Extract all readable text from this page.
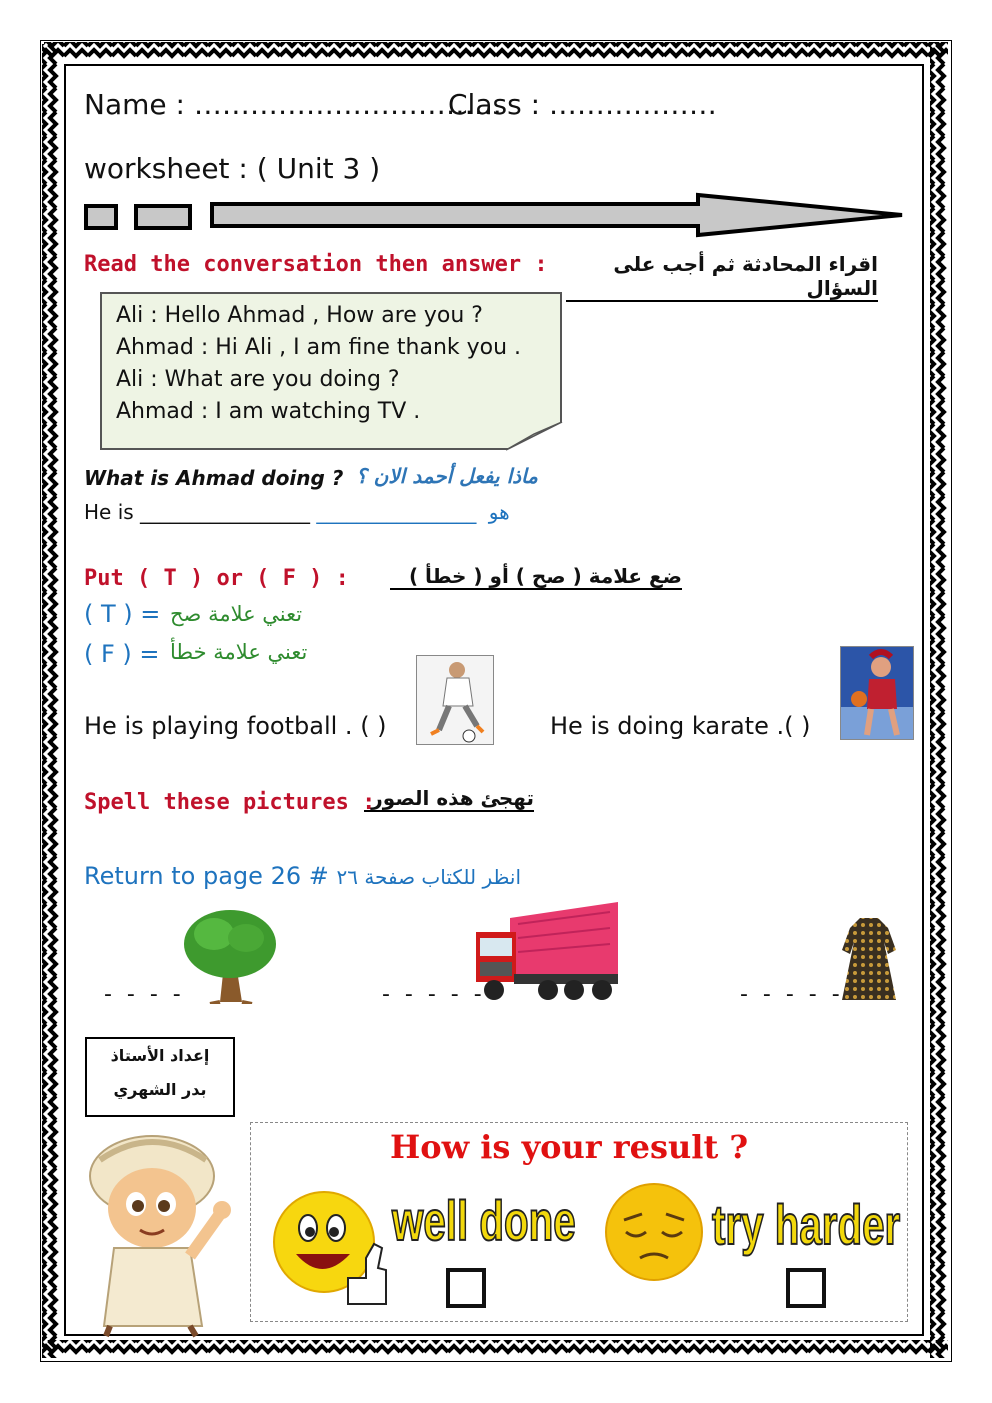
Name : ……………………………
Class : ………………
worksheet : ( Unit 3 )
Read the conversation then answer :	اقراء المحادثة ثم أجب على السؤال
Ali : Hello Ahmad , How are you ?
Ahmad : Hi Ali , I am fine thank you .
Ali : What are you doing ?
Ahmad : I am watching TV .
What is Ahmad doing ? ماذا يفعل أحمد الان ؟
He is _________________ ________________ هو
Put ( T ) or ( F ) :	ضع علامة ( صح ) أو ( خطأ )
( T ) = تعني علامة صح
( F ) = تعني علامة خطأ
He is playing football . ( )	He is doing karate .( )
Spell these pictures :
تهجئ هذه الصور
Return to page 26 # انظر للكتاب صفحة ٢٦
- - - -	- - - - -	- - - - -
إعداد الأستاذ
بدر الشهري
How is your result ?
well done try harder
